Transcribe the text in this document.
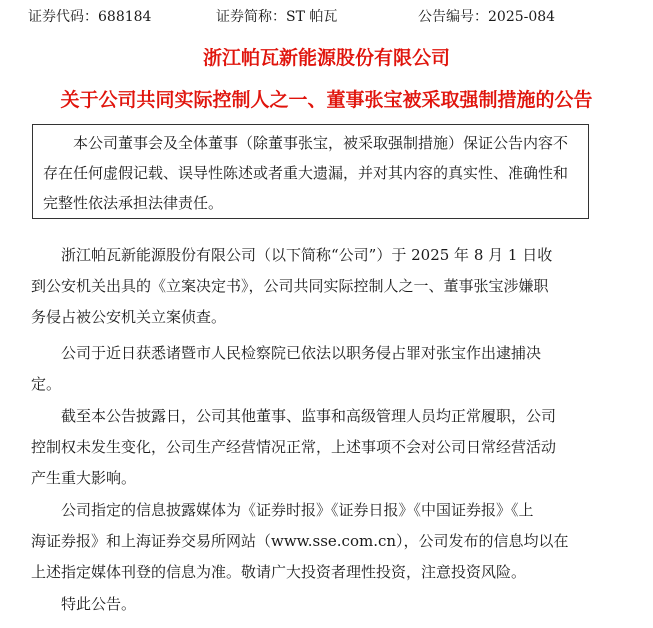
证券代码：688184	证券简称：ST 帕瓦	公告编号：2025-084
浙江帕瓦新能源股份有限公司
关于公司共同实际控制人之一、董事张宝被采取强制措施的公告
本公司董事会及全体董事（除董事张宝，被采取强制措施）保证公告内容不
存在任何虚假记载、误导性陈述或者重大遗漏，并对其内容的真实性、准确性和
完整性依法承担法律责任。
浙江帕瓦新能源股份有限公司（以下简称“公司”）于 2025 年 8 月 1 日收
到公安机关出具的《立案决定书》，公司共同实际控制人之一、董事张宝涉嫌职
务侵占被公安机关立案侦查。
公司于近日获悉诸暨市人民检察院已依法以职务侵占罪对张宝作出逮捕决
定。
截至本公告披露日，公司其他董事、监事和高级管理人员均正常履职，公司
控制权未发生变化，公司生产经营情况正常，上述事项不会对公司日常经营活动
产生重大影响。
公司指定的信息披露媒体为《证券时报》《证券日报》《中国证券报》《上
海证券报》和上海证券交易所网站（www.sse.com.cn），公司发布的信息均以在
上述指定媒体刊登的信息为准。敬请广大投资者理性投资，注意投资风险。
特此公告。
